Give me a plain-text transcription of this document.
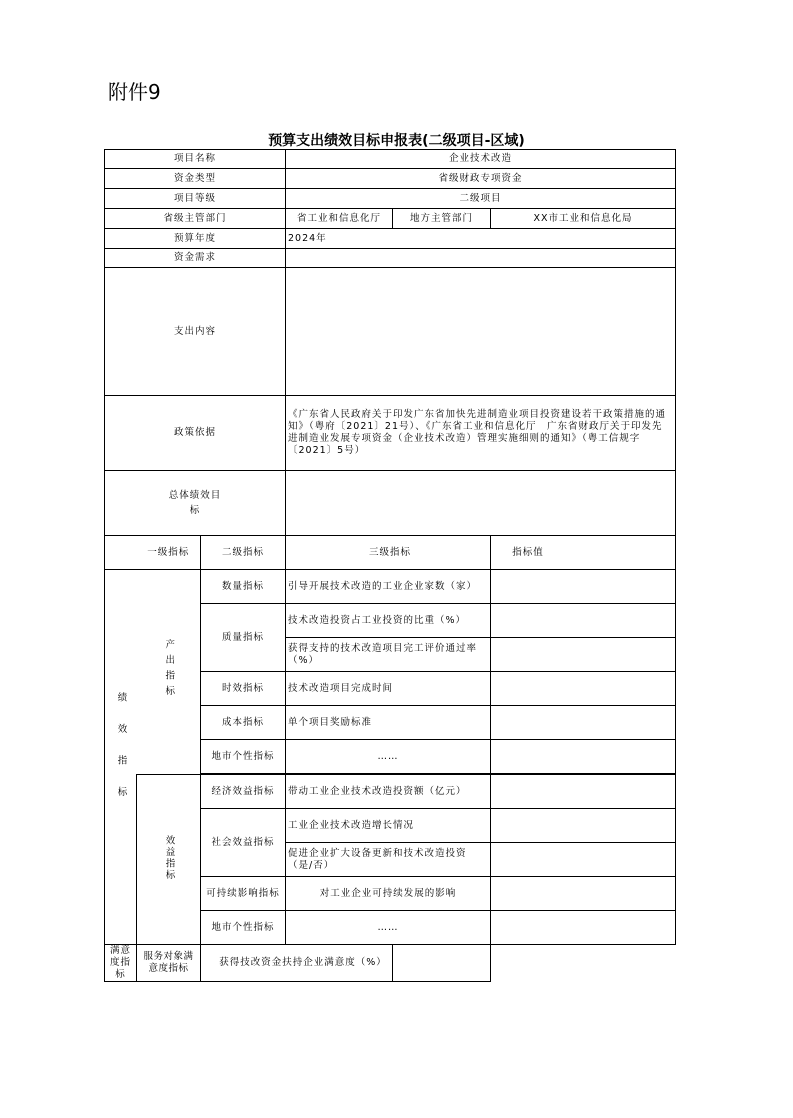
附件9
预算支出绩效目标申报表(二级项目-区域)
项目名称			企业技术改造		
资金类型			省级财政专项资金		
项目等级			二级项目		
省级主管部门			省工业和信息化厅	地方主管部门	XX市工业和信息化局
预算年度			2024年		
资金需求					
支出内容					
政策依据			《广东省人民政府关于印发广东省加快先进制造业项目投资建设若干政策措施的通知》（粤府〔2021〕21号）、《广东省工业和信息化厅　广东省财政厅关于印发先进制造业发展专项资金（企业技术改造）管理实施细则的通知》（粤工信规字〔2021〕5号）		

总体绩效目标					

	一级指标	二级指标	三级指标		指标值

绩效指标	产出指标	数量指标	引导开展技术改造的工业企业家数（家）		

		质量指标	技术改造投资占工业投资的比重（%）		

			获得支持的技术改造项目完工评价通过率（%）		

		时效指标	技术改造项目完成时间		
		成本指标	单个项目奖励标准		
		地市个性指标	……		

	效益指标	经济效益指标	带动工业企业技术改造投资额（亿元）		
		社会效益指标	工业企业技术改造增长情况		

			促进企业扩大设备更新和技术改造投资（是/否）		

		可持续影响指标	对工业企业可持续发展的影响		

		地市个性指标	……		
满意度指标	服务对象满意度指标	获得技改资金扶持企业满意度（%）			
